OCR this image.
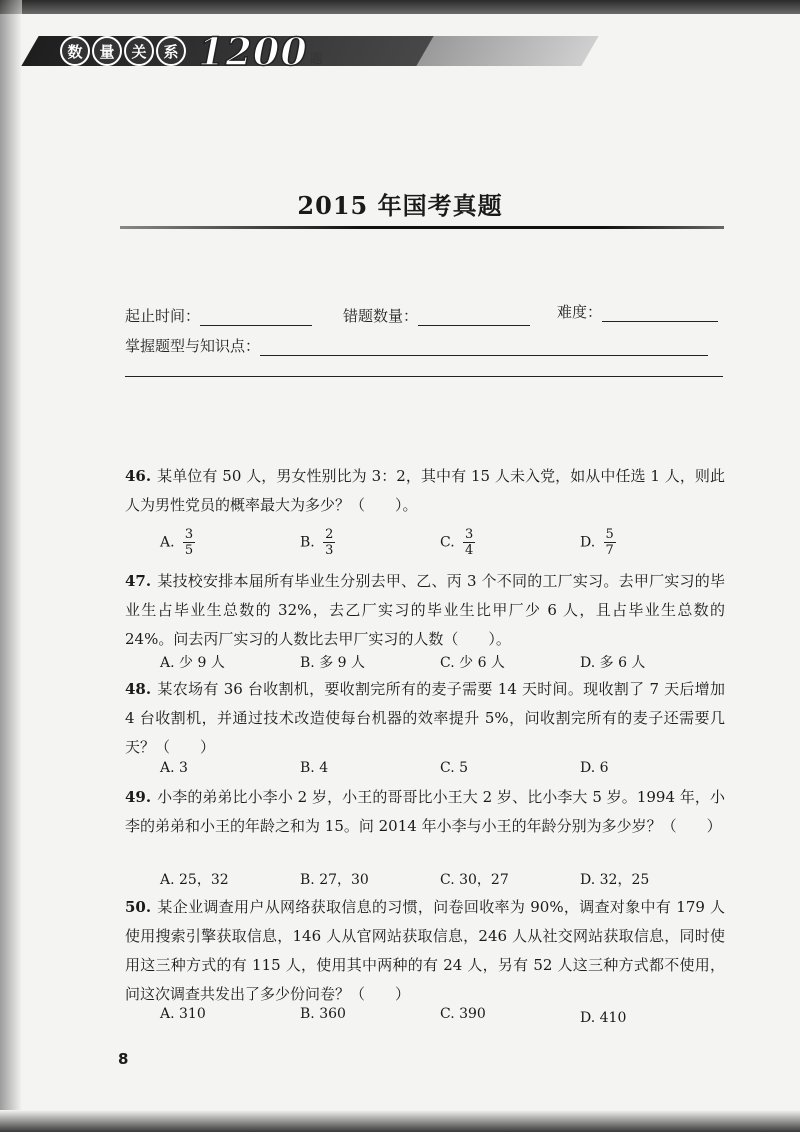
数	量	关	系 1200 题
2015 年国考真题
起止时间：	错题数量：	难度：
掌握题型与知识点：
46. 某单位有 50 人，男女性别比为 3：2，其中有 15 人未入党，如从中任选 1 人，则此人为男性党员的概率最大为多少？（　　）。
A. $\frac{3}{5}$	B. $\frac{2}{3}$	C. $\frac{3}{4}$	D. $\frac{5}{7}$
47. 某技校安排本届所有毕业生分别去甲、乙、丙 3 个不同的工厂实习。去甲厂实习的毕业生占毕业生总数的 32%，去乙厂实习的毕业生比甲厂少 6 人，且占毕业生总数的 24%。问去丙厂实习的人数比去甲厂实习的人数（　　）。
A. 少 9 人	B. 多 9 人	C. 少 6 人	D. 多 6 人
48. 某农场有 36 台收割机，要收割完所有的麦子需要 14 天时间。现收割了 7 天后增加 4 台收割机，并通过技术改造使每台机器的效率提升 5%，问收割完所有的麦子还需要几天？（　　）
A. 3	B. 4	C. 5	D. 6
49. 小李的弟弟比小李小 2 岁，小王的哥哥比小王大 2 岁、比小李大 5 岁。1994 年，小李的弟弟和小王的年龄之和为 15。问 2014 年小李与小王的年龄分别为多少岁？（　　）
A. 25，32	B. 27，30	C. 30，27	D. 32，25
50. 某企业调查用户从网络获取信息的习惯，问卷回收率为 90%，调查对象中有 179 人使用搜索引擎获取信息，146 人从官网站获取信息，246 人从社交网站获取信息，同时使用这三种方式的有 115 人，使用其中两种的有 24 人，另有 52 人这三种方式都不使用，问这次调查共发出了多少份问卷？（　　）
A. 310	B. 360	C. 390	D. 410
8
